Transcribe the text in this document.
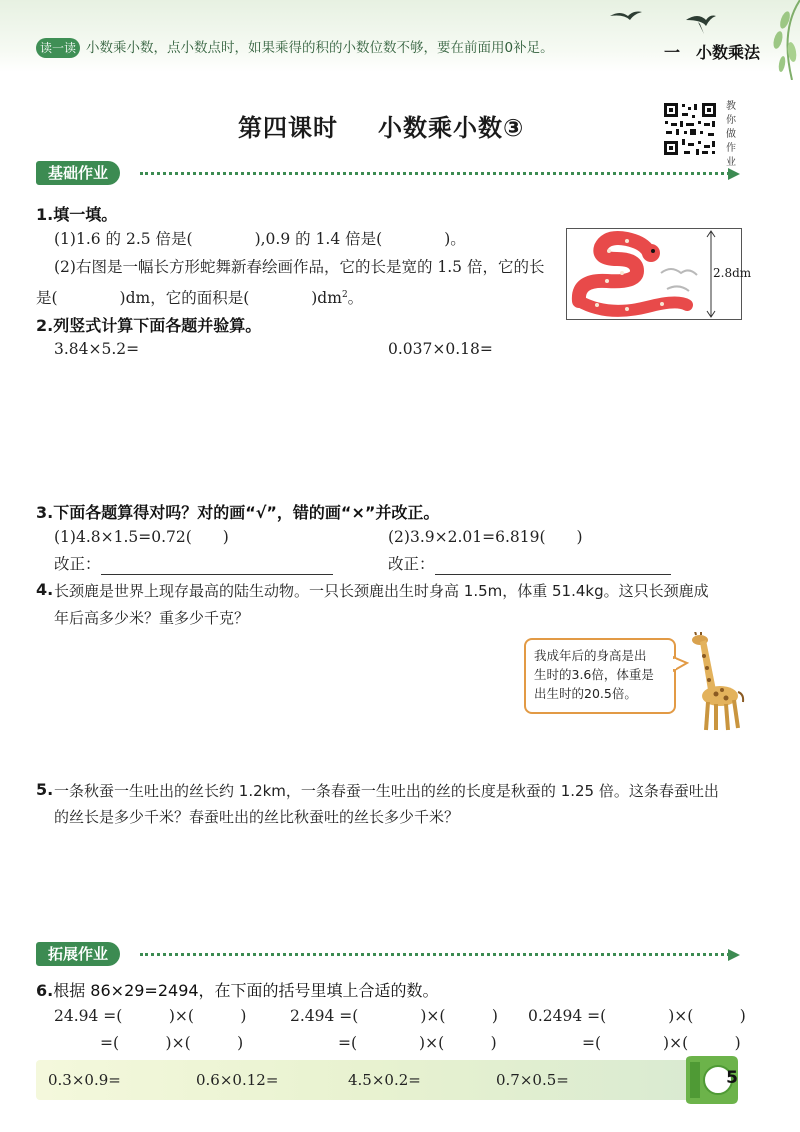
读一读 小数乘小数，点小数点时，如果乘得的积的小数位数不够，要在前面用0补足。	一　小数乘法
第四课时 小数乘小数③
教你做作业
基础作业
1.填一填。
(1)1.6 的 2.5 倍是(　　　　),0.9 的 1.4 倍是(　　　　)。
(2)右图是一幅长方形蛇舞新春绘画作品，它的长是宽的 1.5 倍，它的长
是(　　　　)dm，它的面积是(　　　　)$dm^2$。
2.8dm
2.列竖式计算下面各题并验算。
3.84×5.2=	0.037×0.18=
3.下面各题算得对吗？对的画“√”，错的画“×”并改正。
(1)4.8×1.5=0.72(　　)	(2)3.9×2.01=6.819(　　)
改正：	改正：
4. 长颈鹿是世界上现存最高的陆生动物。一只长颈鹿出生时身高 1.5m，体重 51.4kg。这只长颈鹿成
年后高多少米？重多少千克？
我成年后的身高是出
生时的3.6倍，体重是
出生时的20.5倍。
5. 一条秋蚕一生吐出的丝长约 1.2km，一条春蚕一生吐出的丝的长度是秋蚕的 1.25 倍。这条春蚕吐出
的丝长是多少千米？春蚕吐出的丝比秋蚕吐的丝长多少千米？
拓展作业
6.根据 86×29=2494，在下面的括号里填上合适的数。
24.94 =(　　　)×(　　　)	2.494 =(　　　　)×(　　　) 0.2494 =(　　　　)×(　　　)
=(　　　)×(　　　)	=(　　　　)×(　　　)	=(　　　　)×(　　　)
0.3×0.9=	0.6×0.12=	4.5×0.2=	0.7×0.5=	5
